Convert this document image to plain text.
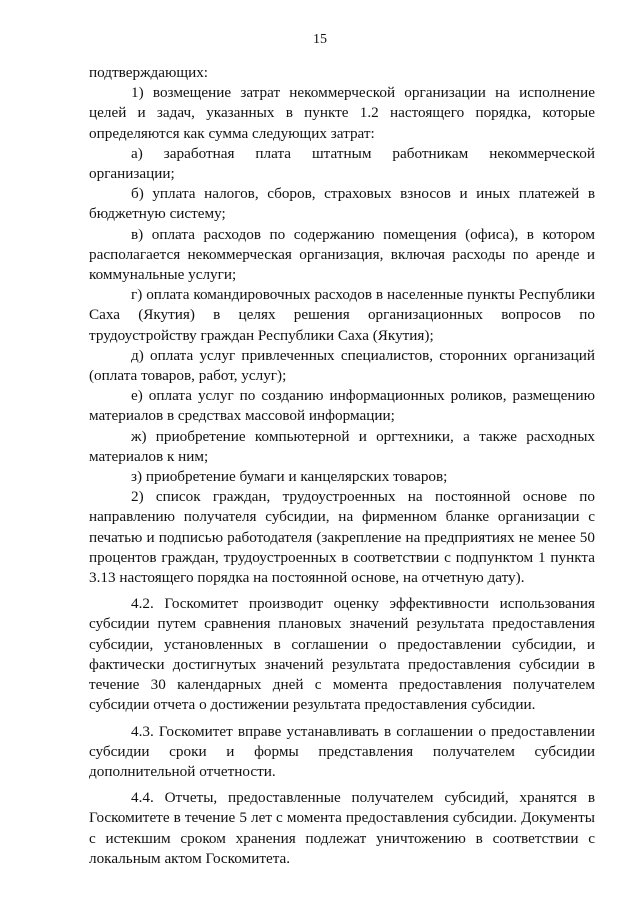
15

подтверждающих:

1) возмещение затрат некоммерческой организации на исполнение целей и задач, указанных в пункте 1.2 настоящего порядка, которые определяются как сумма следующих затрат:

а) заработная плата штатным работникам некоммерческой организации;

б) уплата налогов, сборов, страховых взносов и иных платежей в бюджетную систему;

в) оплата расходов по содержанию помещения (офиса), в котором располагается некоммерческая организация, включая расходы по аренде и коммунальные услуги;

г) оплата командировочных расходов в населенные пункты Республики Саха (Якутия) в целях решения организационных вопросов по трудоустройству граждан Республики Саха (Якутия);

д) оплата услуг привлеченных специалистов, сторонних организаций (оплата товаров, работ, услуг);

е) оплата услуг по созданию информационных роликов, размещению материалов в средствах массовой информации;

ж) приобретение компьютерной и оргтехники, а также расходных материалов к ним;

з) приобретение бумаги и канцелярских товаров;

2) список граждан, трудоустроенных на постоянной основе по направлению получателя субсидии, на фирменном бланке организации с печатью и подписью работодателя (закрепление на предприятиях не менее 50 процентов граждан, трудоустроенных в соответствии с подпунктом 1 пункта 3.13 настоящего порядка на постоянной основе, на отчетную дату).

4.2. Госкомитет производит оценку эффективности использования субсидии путем сравнения плановых значений результата предоставления субсидии, установленных в соглашении о предоставлении субсидии, и фактически достигнутых значений результата предоставления субсидии в течение 30 календарных дней с момента предоставления получателем субсидии отчета о достижении результата предоставления субсидии.

4.3. Госкомитет вправе устанавливать в соглашении о предоставлении субсидии сроки и формы представления получателем субсидии дополнительной отчетности.

4.4. Отчеты, предоставленные получателем субсидий, хранятся в Госкомитете в течение 5 лет с момента предоставления субсидии. Документы с истекшим сроком хранения подлежат уничтожению в соответствии с локальным актом Госкомитета.
